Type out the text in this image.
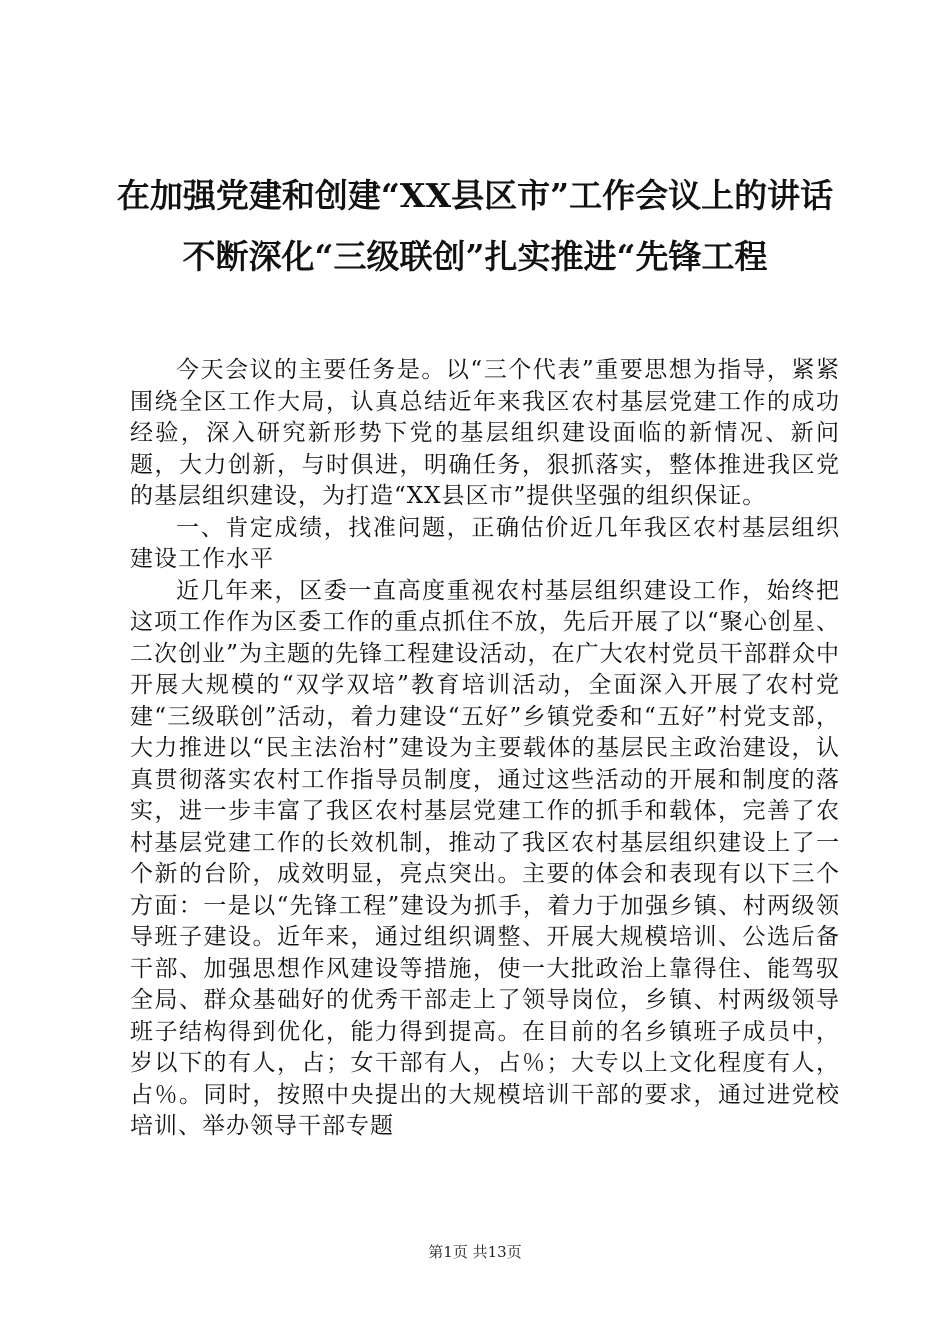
在加强党建和创建“XX县区市”工作会议上的讲话不断深化“三级联创”扎实推进“先锋工程

今天会议的主要任务是。以“三个代表”重要思想为指导，紧紧围绕全区工作大局，认真总结近年来我区农村基层党建工作的成功经验，深入研究新形势下党的基层组织建设面临的新情况、新问题，大力创新，与时俱进，明确任务，狠抓落实，整体推进我区党的基层组织建设，为打造“XX县区市”提供坚强的组织保证。

一、肯定成绩，找准问题，正确估价近几年我区农村基层组织建设工作水平

近几年来，区委一直高度重视农村基层组织建设工作，始终把这项工作作为区委工作的重点抓住不放，先后开展了以“聚心创星、二次创业”为主题的先锋工程建设活动，在广大农村党员干部群众中开展大规模的“双学双培”教育培训活动，全面深入开展了农村党建“三级联创”活动，着力建设“五好”乡镇党委和“五好”村党支部，大力推进以“民主法治村”建设为主要载体的基层民主政治建设，认真贯彻落实农村工作指导员制度，通过这些活动的开展和制度的落实，进一步丰富了我区农村基层党建工作的抓手和载体，完善了农村基层党建工作的长效机制，推动了我区农村基层组织建设上了一个新的台阶，成效明显，亮点突出。主要的体会和表现有以下三个方面：一是以“先锋工程”建设为抓手，着力于加强乡镇、村两级领导班子建设。近年来，通过组织调整、开展大规模培训、公选后备干部、加强思想作风建设等措施，使一大批政治上靠得住、能驾驭全局、群众基础好的优秀干部走上了领导岗位，乡镇、村两级领导班子结构得到优化，能力得到提高。在目前的名乡镇班子成员中，岁以下的有人，占；女干部有人，占％；大专以上文化程度有人，占％。同时，按照中央提出的大规模培训干部的要求，通过进党校培训、举办领导干部专题

第1页 共13页
